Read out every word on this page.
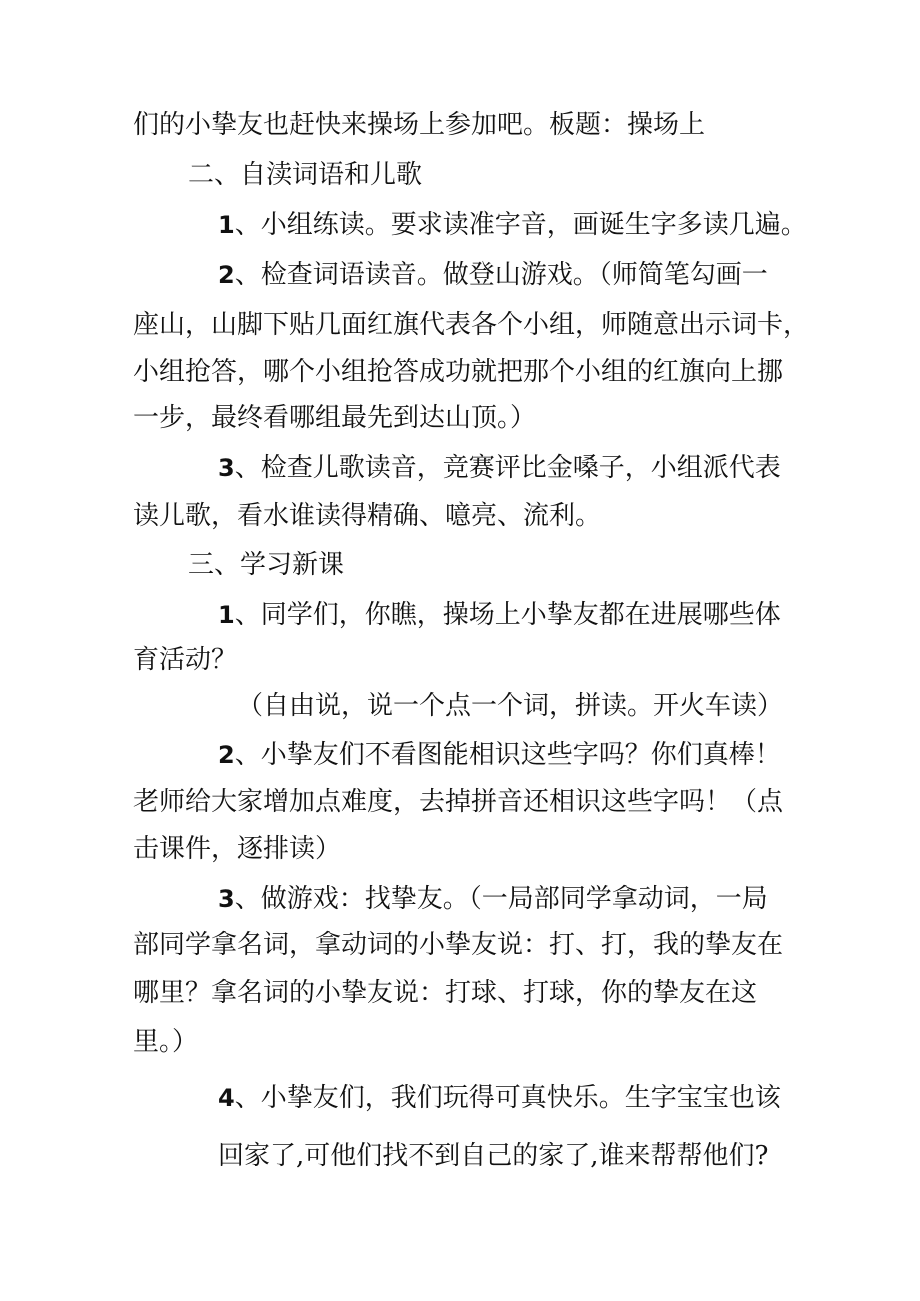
们的小挚友也赶快来操场上参加吧。板题：操场上
二、自渎词语和儿歌
1、小组练读。要求读准字音，画诞生字多读几遍。
2、检查词语读音。做登山游戏。（师简笔勾画一
座山，山脚下贴几面红旗代表各个小组，师随意出示词卡，
小组抢答，哪个小组抢答成功就把那个小组的红旗向上挪
一步，最终看哪组最先到达山顶。）
3、检查儿歌读音，竞赛评比金嗓子，小组派代表
读儿歌，看水谁读得精确、噫亮、流利。
三、学习新课
1、同学们，你瞧，操场上小挚友都在进展哪些体
育活动？
（自由说，说一个点一个词，拼读。开火车读）
2、小挚友们不看图能相识这些字吗？你们真棒！
老师给大家增加点难度，去掉拼音还相识这些字吗！（点
击课件，逐排读）
3、做游戏：找挚友。（一局部同学拿动词，一局
部同学拿名词，拿动词的小挚友说：打、打，我的挚友在
哪里？拿名词的小挚友说：打球、打球，你的挚友在这
里。）
4、小挚友们，我们玩得可真快乐。生字宝宝也该
回家了,可他们找不到自己的家了,谁来帮帮他们?
